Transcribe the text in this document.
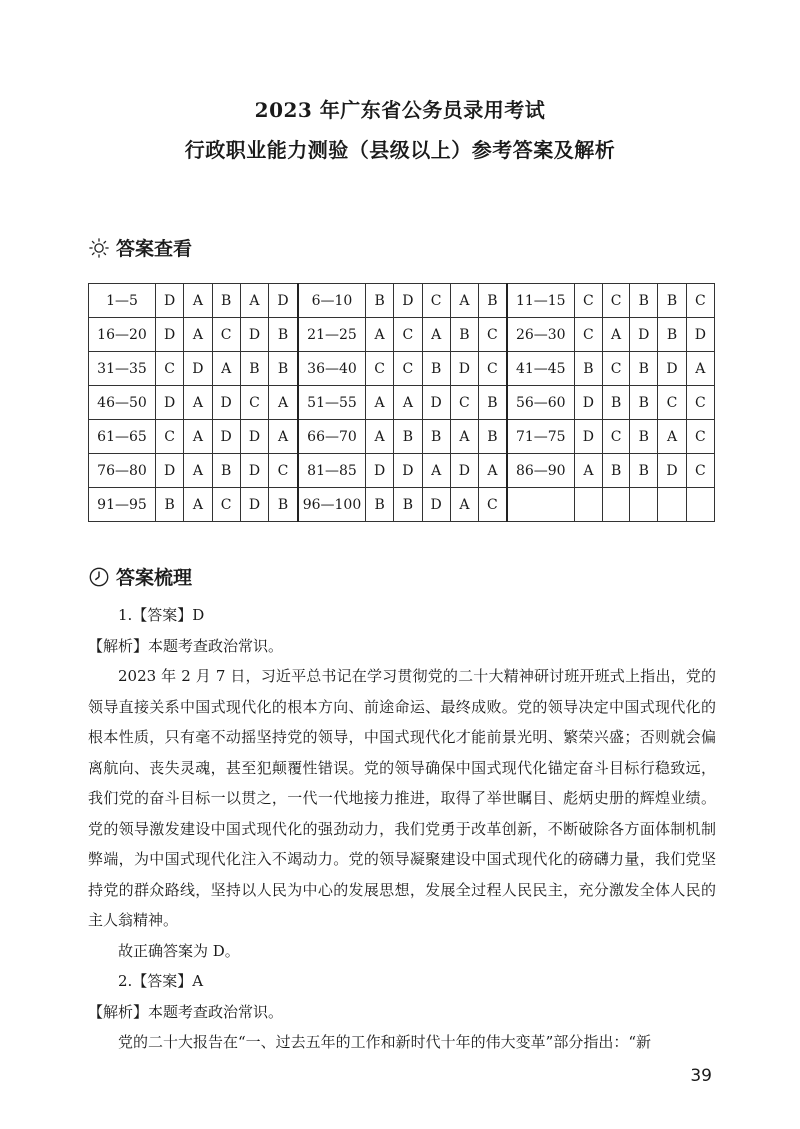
2023 年广东省公务员录用考试
行政职业能力测验（县级以上）参考答案及解析
答案查看
1—5	D	A	B	A	D	6—10	B	D	C	A	B	11—15	C	C	B	B	C
16—20	D	A	C	D	B	21—25	A	C	A	B	C	26—30	C	A	D	B	D
31—35	C	D	A	B	B	36—40	C	C	B	D	C	41—45	B	C	B	D	A
46—50	D	A	D	C	A	51—55	A	A	D	C	B	56—60	D	B	B	C	C
61—65	C	A	D	D	A	66—70	A	B	B	A	B	71—75	D	C	B	A	C
76—80	D	A	B	D	C	81—85	D	D	A	D	A	86—90	A	B	B	D	C
91—95	B	A	C	D	B	96—100	B	B	D	A	C						
答案梳理

1.【答案】D

【解析】本题考查政治常识。

2023 年 2 月 7 日，习近平总书记在学习贯彻党的二十大精神研讨班开班式上指出，党的领导直接关系中国式现代化的根本方向、前途命运、最终成败。党的领导决定中国式现代化的根本性质，只有毫不动摇坚持党的领导，中国式现代化才能前景光明、繁荣兴盛；否则就会偏离航向、丧失灵魂，甚至犯颠覆性错误。党的领导确保中国式现代化锚定奋斗目标行稳致远，我们党的奋斗目标一以贯之，一代一代地接力推进，取得了举世瞩目、彪炳史册的辉煌业绩。党的领导激发建设中国式现代化的强劲动力，我们党勇于改革创新，不断破除各方面体制机制弊端，为中国式现代化注入不竭动力。党的领导凝聚建设中国式现代化的磅礴力量，我们党坚持党的群众路线，坚持以人民为中心的发展思想，发展全过程人民民主，充分激发全体人民的主人翁精神。

故正确答案为 D。

2.【答案】A

【解析】本题考查政治常识。

党的二十大报告在“一、过去五年的工作和新时代十年的伟大变革”部分指出：“新

39
